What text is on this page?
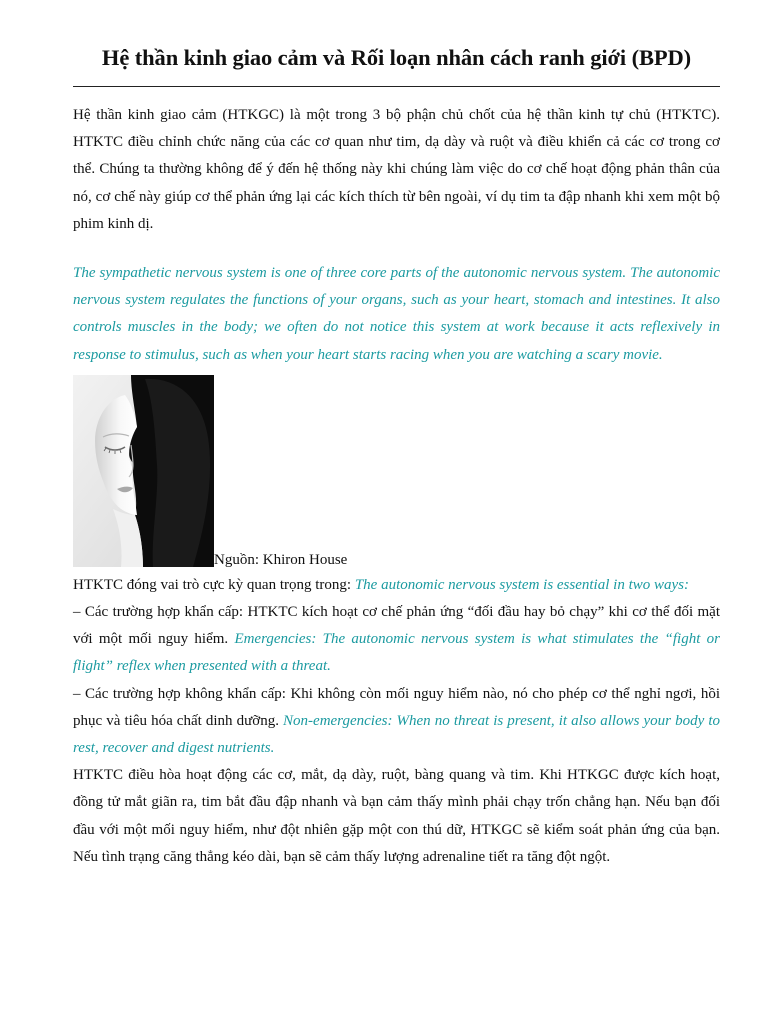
Hệ thần kinh giao cảm và Rối loạn nhân cách ranh giới (BPD)

Hệ thần kinh giao cảm (HTKGC) là một trong 3 bộ phận chủ chốt của hệ thần kinh tự chủ (HTKTC). HTKTC điều chỉnh chức năng của các cơ quan như tim, dạ dày và ruột và điều khiển cả các cơ trong cơ thể. Chúng ta thường không để ý đến hệ thống này khi chúng làm việc do cơ chế hoạt động phản thân của nó, cơ chế này giúp cơ thể phản ứng lại các kích thích từ bên ngoài, ví dụ tim ta đập nhanh khi xem một bộ phim kinh dị.

The sympathetic nervous system is one of three core parts of the autonomic nervous system. The autonomic nervous system regulates the functions of your organs, such as your heart, stomach and intestines. It also controls muscles in the body; we often do not notice this system at work because it acts reflexively in response to stimulus, such as when your heart starts racing when you are watching a scary movie.

Nguồn: Khiron House

HTKTC đóng vai trò cực kỳ quan trọng trong: The autonomic nervous system is essential in two ways:

– Các trường hợp khẩn cấp: HTKTC kích hoạt cơ chế phản ứng “đối đầu hay bỏ chạy” khi cơ thể đối mặt với một mối nguy hiểm. Emergencies: The autonomic nervous system is what stimulates the “fight or flight” reflex when presented with a threat.

– Các trường hợp không khẩn cấp: Khi không còn mối nguy hiểm nào, nó cho phép cơ thể nghỉ ngơi, hồi phục và tiêu hóa chất dinh dưỡng. Non-emergencies: When no threat is present, it also allows your body to rest, recover and digest nutrients.

HTKTC điều hòa hoạt động các cơ, mắt, dạ dày, ruột, bàng quang và tim. Khi HTKGC được kích hoạt, đồng tử mắt giãn ra, tim bắt đầu đập nhanh và bạn cảm thấy mình phải chạy trốn chẳng hạn. Nếu bạn đối đầu với một mối nguy hiểm, như đột nhiên gặp một con thú dữ, HTKGC sẽ kiểm soát phản ứng của bạn. Nếu tình trạng căng thẳng kéo dài, bạn sẽ cảm thấy lượng adrenaline tiết ra tăng đột ngột.
